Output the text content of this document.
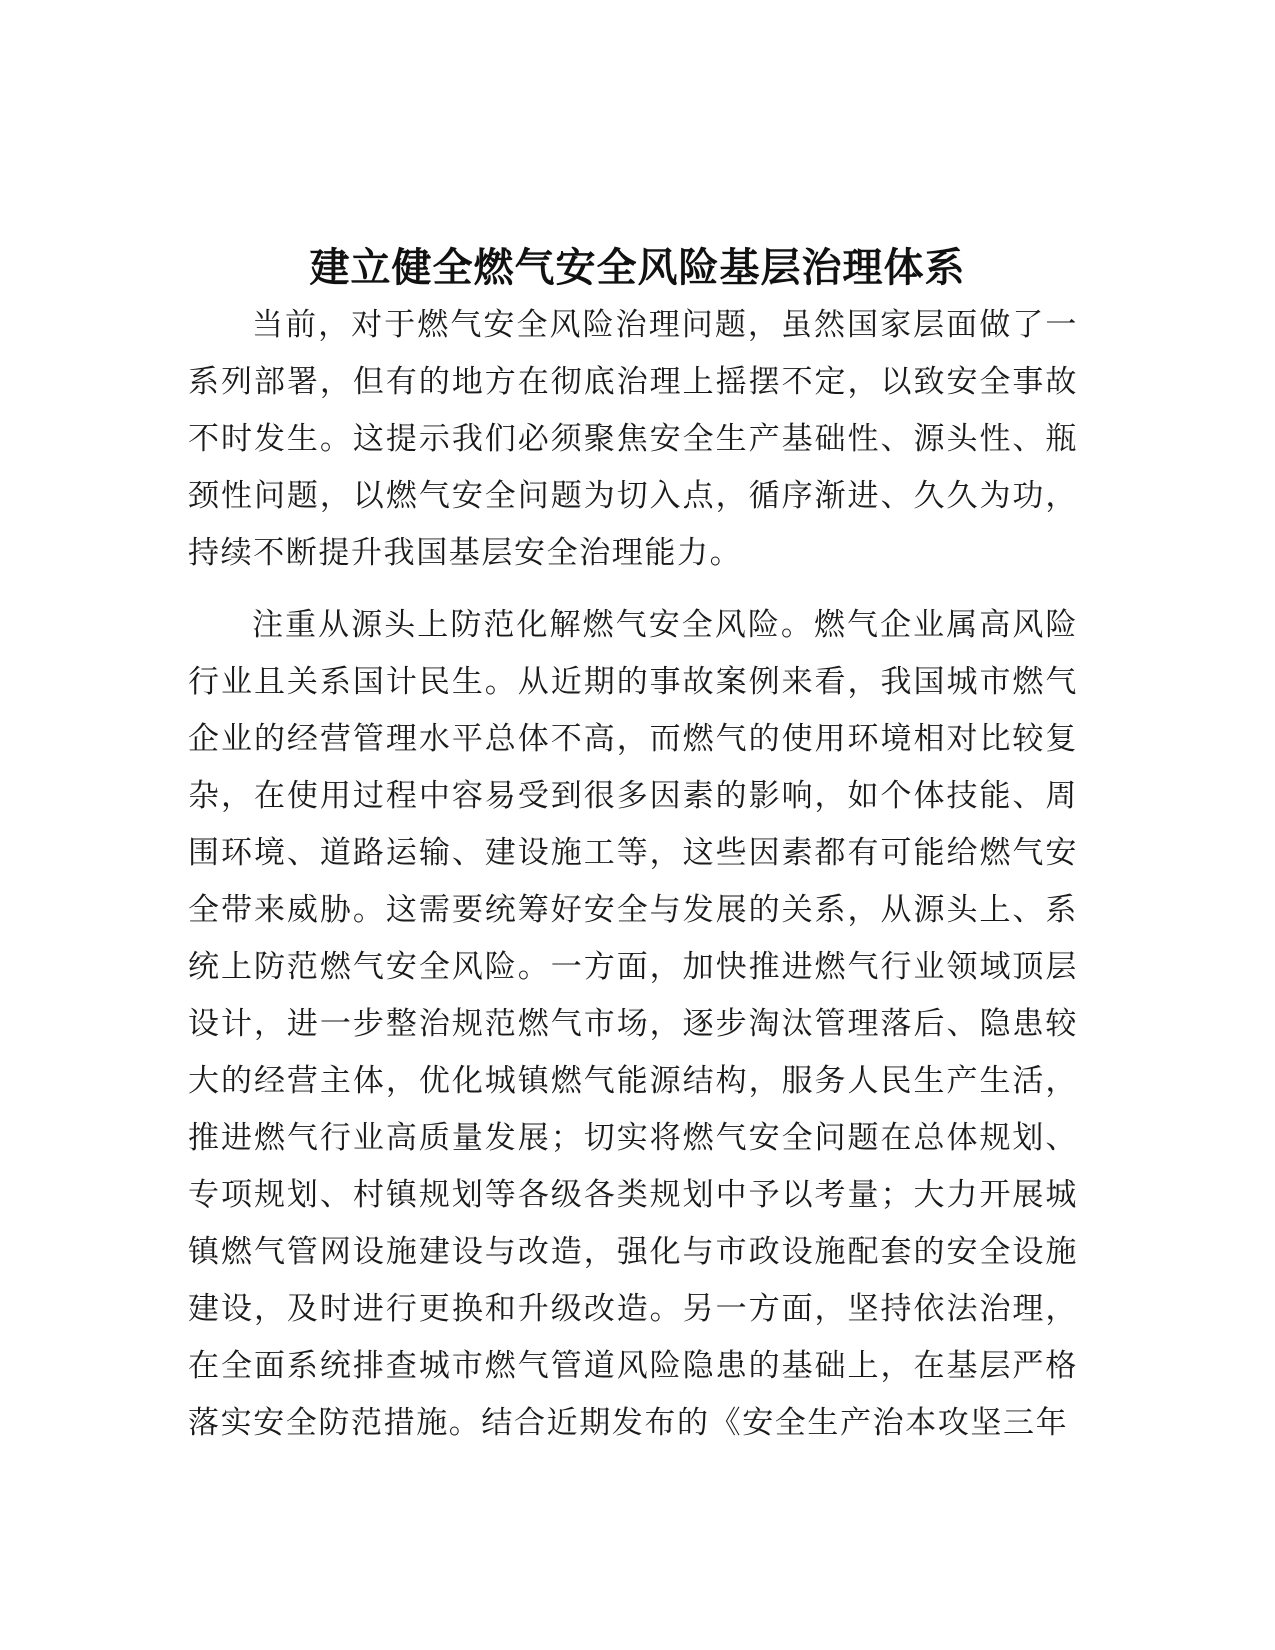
建立健全燃气安全风险基层治理体系

当前，对于燃气安全风险治理问题，虽然国家层面做了一系列部署，但有的地方在彻底治理上摇摆不定，以致安全事故不时发生。这提示我们必须聚焦安全生产基础性、源头性、瓶颈性问题，以燃气安全问题为切入点，循序渐进、久久为功，持续不断提升我国基层安全治理能力。

注重从源头上防范化解燃气安全风险。燃气企业属高风险行业且关系国计民生。从近期的事故案例来看，我国城市燃气企业的经营管理水平总体不高，而燃气的使用环境相对比较复杂，在使用过程中容易受到很多因素的影响，如个体技能、周围环境、道路运输、建设施工等，这些因素都有可能给燃气安全带来威胁。这需要统筹好安全与发展的关系，从源头上、系统上防范燃气安全风险。一方面，加快推进燃气行业领域顶层设计，进一步整治规范燃气市场，逐步淘汰管理落后、隐患较大的经营主体，优化城镇燃气能源结构，服务人民生产生活，推进燃气行业高质量发展；切实将燃气安全问题在总体规划、专项规划、村镇规划等各级各类规划中予以考量；大力开展城镇燃气管网设施建设与改造，强化与市政设施配套的安全设施建设，及时进行更换和升级改造。另一方面，坚持依法治理，在全面系统排查城市燃气管道风险隐患的基础上，在基层严格落实安全防范措施。结合近期发布的《安全生产治本攻坚三年
